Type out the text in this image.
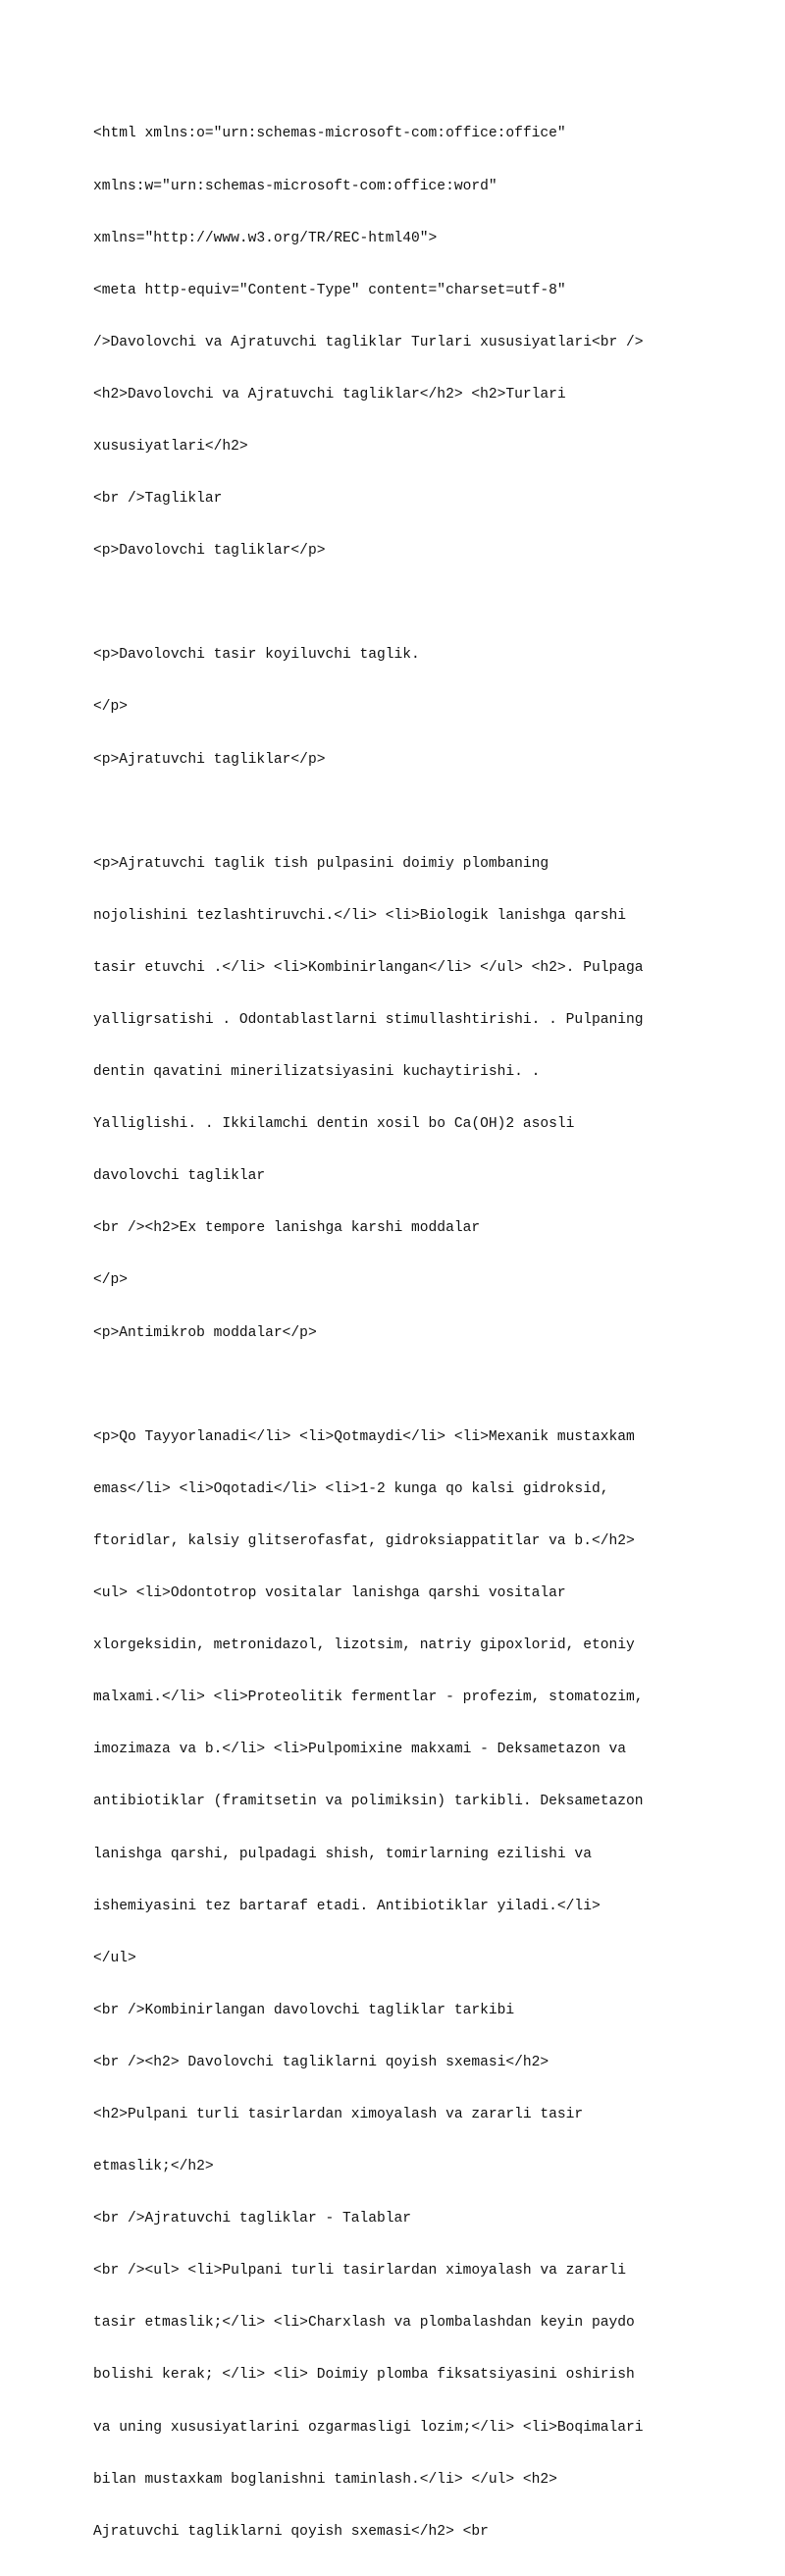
<html xmlns:o="urn:schemas-microsoft-com:office:office"

xmlns:w="urn:schemas-microsoft-com:office:word"

xmlns="http://www.w3.org/TR/REC-html40">

<meta http-equiv="Content-Type" content="charset=utf-8"

/>Davolovchi va Ajratuvchi tagliklar Turlari xususiyatlari<br />

<h2>Davolovchi va Ajratuvchi tagliklar</h2> <h2>Turlari

xususiyatlari</h2>

<br />Tagliklar

<p>Davolovchi tagliklar</p>

<p>Davolovchi tasir koyiluvchi taglik.

</p>

<p>Ajratuvchi tagliklar</p>

<p>Ajratuvchi taglik tish pulpasini doimiy plombaning

nojolishini tezlashtiruvchi.</li> <li>Biologik lanishga qarshi

tasir etuvchi .</li> <li>Kombinirlangan</li> </ul> <h2>. Pulpaga

yalligrsatishi . Odontablastlarni stimullashtirishi. . Pulpaning

dentin qavatini minerilizatsiyasini kuchaytirishi. .

Yalliglishi. . Ikkilamchi dentin xosil bo Ca(OH)2 asosli

davolovchi tagliklar

<br /><h2>Ex tempore lanishga karshi moddalar

</p>

<p>Antimikrob moddalar</p>

<p>Qo Tayyorlanadi</li> <li>Qotmaydi</li> <li>Mexanik mustaxkam

emas</li> <li>Oqotadi</li> <li>1-2 kunga qo kalsi gidroksid,

ftoridlar, kalsiy glitserofasfat, gidroksiappatitlar va b.</h2>

<ul> <li>Odontotrop vositalar lanishga qarshi vositalar

xlorgeksidin, metronidazol, lizotsim, natriy gipoxlorid, etoniy

malxami.</li> <li>Proteolitik fermentlar - profezim, stomatozim,

imozimaza va b.</li> <li>Pulpomixine makxami - Deksametazon va

antibiotiklar (framitsetin va polimiksin) tarkibli. Deksametazon

lanishga qarshi, pulpadagi shish, tomirlarning ezilishi va

ishemiyasini tez bartaraf etadi. Antibiotiklar yiladi.</li>

</ul>

<br />Kombinirlangan davolovchi tagliklar tarkibi

<br /><h2> Davolovchi tagliklarni qoyish sxemasi</h2>

<h2>Pulpani turli tasirlardan ximoyalash va zararli tasir

etmaslik;</h2>

<br />Ajratuvchi tagliklar - Talablar

<br /><ul> <li>Pulpani turli tasirlardan ximoyalash va zararli

tasir etmaslik;</li> <li>Charxlash va plombalashdan keyin paydo

bolishi kerak; </li> <li> Doimiy plomba fiksatsiyasini oshirish

va uning xususiyatlarini ozgarmasligi lozim;</li> <li>Boqimalari

bilan mustaxkam boglanishni taminlash.</li> </ul> <h2>

Ajratuvchi tagliklarni qoyish sxemasi</h2> <br
